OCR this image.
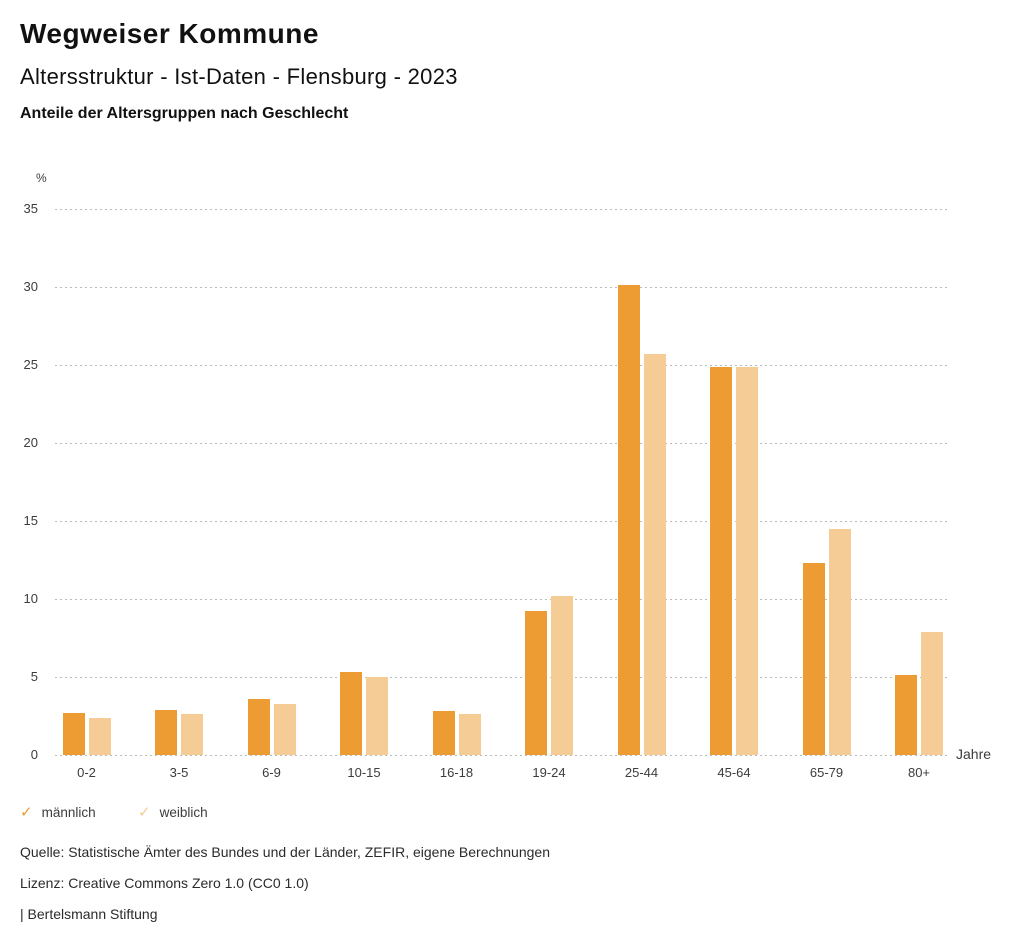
Wegweiser Kommune
Altersstruktur - Ist-Daten - Flensburg - 2023
Anteile der Altersgruppen nach Geschlecht
0
5
10
15
20
25
30
35
%
0-2	3-5	6-9	10-15	16-18	19-24	25-44	45-64	65-79	80+
Jahre
✓ männlich	✓ weiblich
Quelle: Statistische Ämter des Bundes und der Länder, ZEFIR, eigene Berechnungen
Lizenz: Creative Commons Zero 1.0 (CC0 1.0)
| Bertelsmann Stiftung
